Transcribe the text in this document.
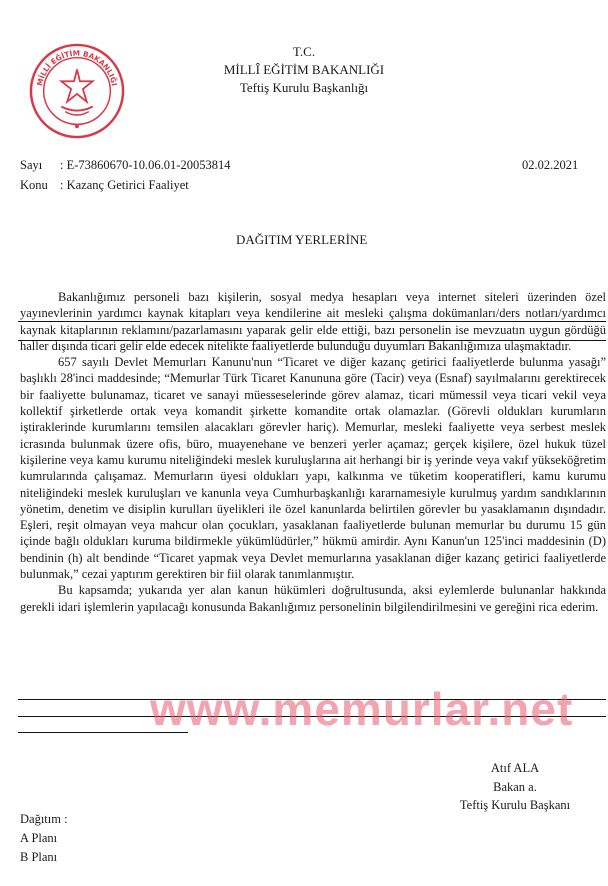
MİLLÎ EĞİTİM BAKANLIĞI
T.C.
MİLLÎ EĞİTİM BAKANLIĞI
Teftiş Kurulu Başkanlığı
Sayı : E-73860670-10.06.01-20053814	02.02.2021
Konu : Kazanç Getirici Faaliyet
DAĞITIM YERLERİNE

Bakanlığımız personeli bazı kişilerin, sosyal medya hesapları veya internet siteleri üzerinden özel yayınevlerinin yardımcı kaynak kitapları veya kendilerine ait mesleki çalışma dokümanları/ders notları/yardımcı kaynak kitaplarının reklamını/pazarlamasını yaparak gelir elde ettiği, bazı personelin ise mevzuatın uygun gördüğü haller dışında ticari gelir elde edecek nitelikte faaliyetlerde bulunduğu duyumları Bakanlığımıza ulaşmaktadır.

657 sayılı Devlet Memurları Kanunu'nun “Ticaret ve diğer kazanç getirici faaliyetlerde bulunma yasağı” başlıklı 28'inci maddesinde; “Memurlar Türk Ticaret Kanununa göre (Tacir) veya (Esnaf) sayılmalarını gerektirecek bir faaliyette bulunamaz, ticaret ve sanayi müesseselerinde görev alamaz, ticari mümessil veya ticari vekil veya kollektif şirketlerde ortak veya komandit şirkette komandite ortak olamazlar. (Görevli oldukları kurumların iştiraklerinde kurumlarını temsilen alacakları görevler hariç). Memurlar, mesleki faaliyette veya serbest meslek icrasında bulunmak üzere ofis, büro, muayenehane ve benzeri yerler açamaz; gerçek kişilere, özel hukuk tüzel kişilerine veya kamu kurumu niteliğindeki meslek kuruluşlarına ait herhangi bir iş yerinde veya vakıf yükseköğretim kumrularında çalışamaz. Memurların üyesi oldukları yapı, kalkınma ve tüketim kooperatifleri, kamu kurumu niteliğindeki meslek kuruluşları ve kanunla veya Cumhurbaşkanlığı kararnamesiyle kurulmuş yardım sandıklarının yönetim, denetim ve disiplin kurulları üyelikleri ile özel kanunlarda belirtilen görevler bu yasaklamanın dışındadır. Eşleri, reşit olmayan veya mahcur olan çocukları, yasaklanan faaliyetlerde bulunan memurlar bu durumu 15 gün içinde bağlı oldukları kuruma bildirmekle yükümlüdürler,” hükmü amirdir. Aynı Kanun'un 125'inci maddesinin (D) bendinin (h) alt bendinde “Ticaret yapmak veya Devlet memurlarına yasaklanan diğer kazanç getirici faaliyetlerde bulunmak,” cezai yaptırım gerektiren bir fiil olarak tanımlanmıştır.

Bu kapsamda; yukarıda yer alan kanun hükümleri doğrultusunda, aksi eylemlerde bulunanlar hakkında gerekli idari işlemlerin yapılacağı konusunda Bakanlığımız personelinin bilgilendirilmesini ve gereğini rica ederim.

www.memurlar.net
Atıf ALA
Bakan a.
Teftiş Kurulu Başkanı
Dağıtım :
A Planı
B Planı
